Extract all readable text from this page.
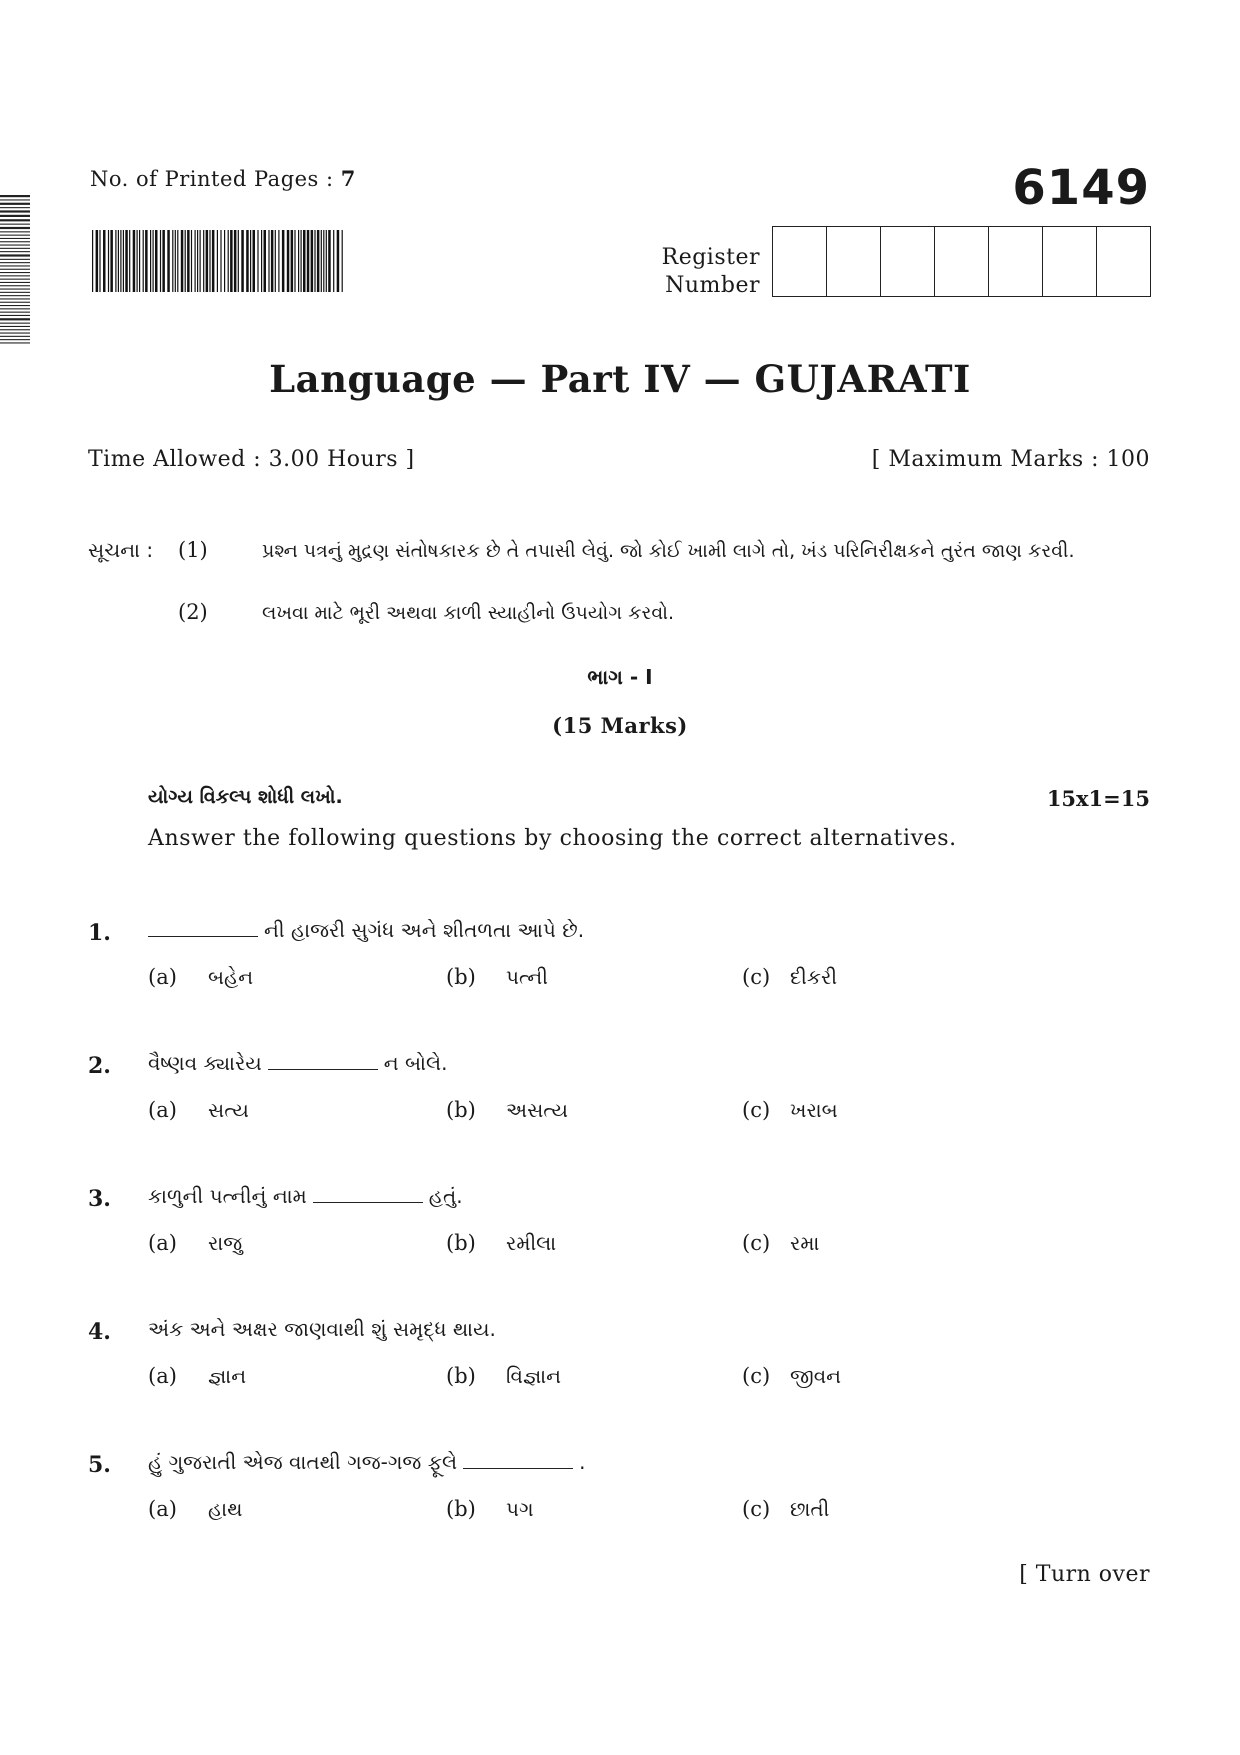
No. of Printed Pages : 7	6149
Register
Number
Language — Part IV — GUJARATI
Time Allowed : 3.00 Hours ]	[ Maximum Marks : 100
સૂચના : (1)	પ્રશ્ન પત્રનું મુદ્રણ સંતોષકારક છે તે તપાસી લેવું. જો કોઈ ખામી લાગે તો, ખંડ પરિનિરીક્ષકને તુરંત જાણ કરવી.
(2)	લખવા માટે ભૂરી અથવા કાળી સ્યાહીનો ઉપયોગ કરવો.
ભાગ - I
(15 Marks)
યોગ્ય વિકલ્પ શોધી લખો.	15x1=15
Answer the following questions by choosing the correct alternatives.
1.	ની હાજરી સુગંધ અને શીતળતા આપે છે.
(a) બહેન	(b) પત્ની	(c) દીકરી
2. વૈષ્ણવ ક્યારેય	ન બોલે.
(a) સત્ય	(b) અસત્ય	(c) ખરાબ
3. કાળુની પત્નીનું નામ	હતું.
(a) રાજુ	(b) રમીલા	(c) રમા
4. અંક અને અક્ષર જાણવાથી શું સમૃદ્ધ થાય.
(a) જ્ઞાન	(b) વિજ્ઞાન	(c) જીવન
5. હું ગુજરાતી એજ વાતથી ગજ-ગજ ફૂલે	.
(a) હાથ	(b) પગ	(c) છાતી
[ Turn over
